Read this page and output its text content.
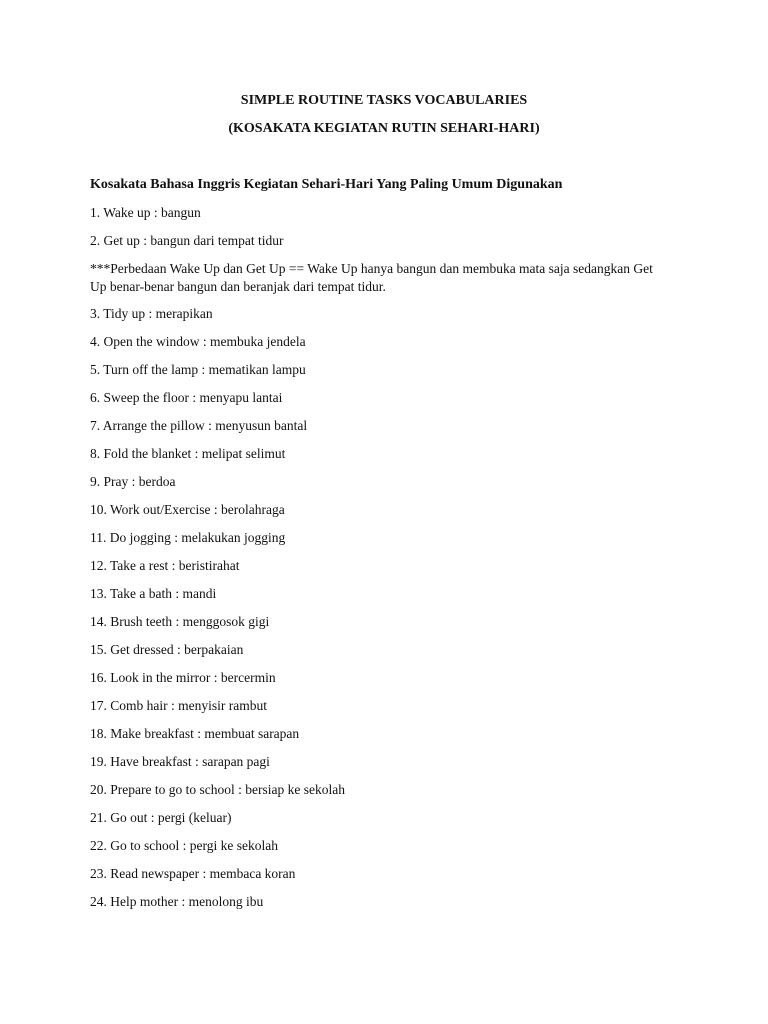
SIMPLE ROUTINE TASKS VOCABULARIES

(KOSAKATA KEGIATAN RUTIN SEHARI-HARI)

Kosakata Bahasa Inggris Kegiatan Sehari-Hari Yang Paling Umum Digunakan

1. Wake up : bangun

2. Get up : bangun dari tempat tidur

***Perbedaan Wake Up dan Get Up == Wake Up hanya bangun dan membuka mata saja sedangkan Get
Up benar-benar bangun dan beranjak dari tempat tidur.

3. Tidy up : merapikan

4. Open the window : membuka jendela

5. Turn off the lamp : mematikan lampu

6. Sweep the floor : menyapu lantai

7. Arrange the pillow : menyusun bantal

8. Fold the blanket : melipat selimut

9. Pray : berdoa

10. Work out/Exercise : berolahraga

11. Do jogging : melakukan jogging

12. Take a rest : beristirahat

13. Take a bath : mandi

14. Brush teeth : menggosok gigi

15. Get dressed : berpakaian

16. Look in the mirror : bercermin

17. Comb hair : menyisir rambut

18. Make breakfast : membuat sarapan

19. Have breakfast : sarapan pagi

20. Prepare to go to school : bersiap ke sekolah

21. Go out : pergi (keluar)

22. Go to school : pergi ke sekolah

23. Read newspaper : membaca koran

24. Help mother : menolong ibu
